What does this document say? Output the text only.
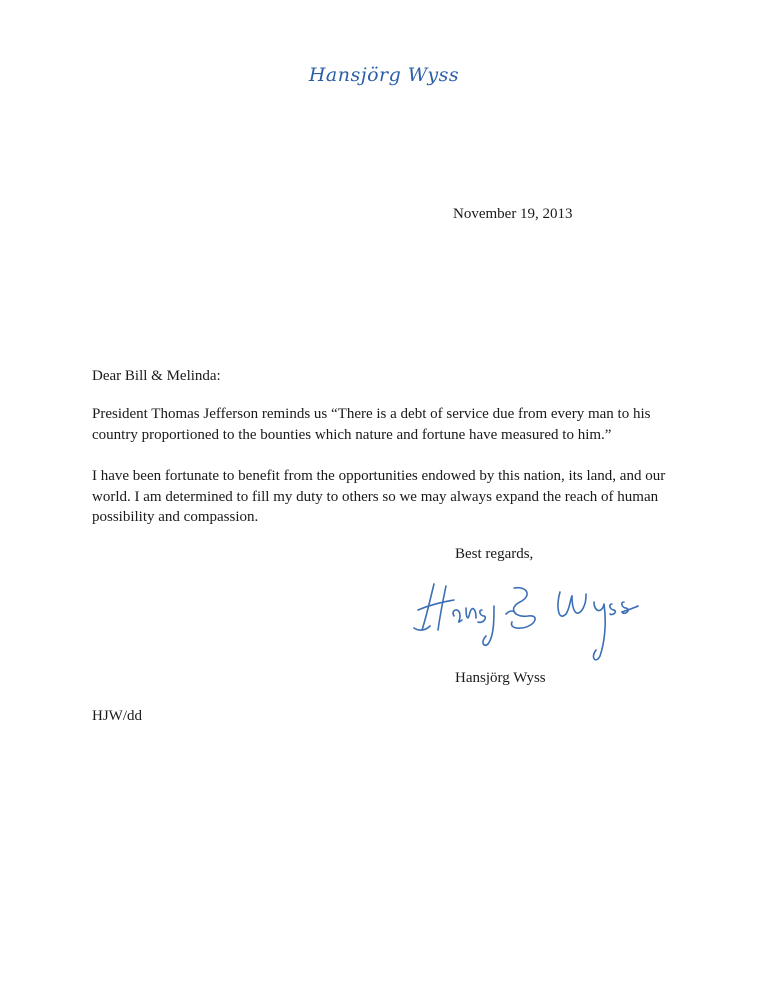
Hansjörg Wyss
November 19, 2013
Dear Bill & Melinda:

President Thomas Jefferson reminds us “There is a debt of service due from every man to his
country proportioned to the bounties which nature and fortune have measured to him.”

I have been fortunate to benefit from the opportunities endowed by this nation, its land, and our
world. I am determined to fill my duty to others so we may always expand the reach of human
possibility and compassion.

Best regards,
Hansjörg Wyss
HJW/dd
